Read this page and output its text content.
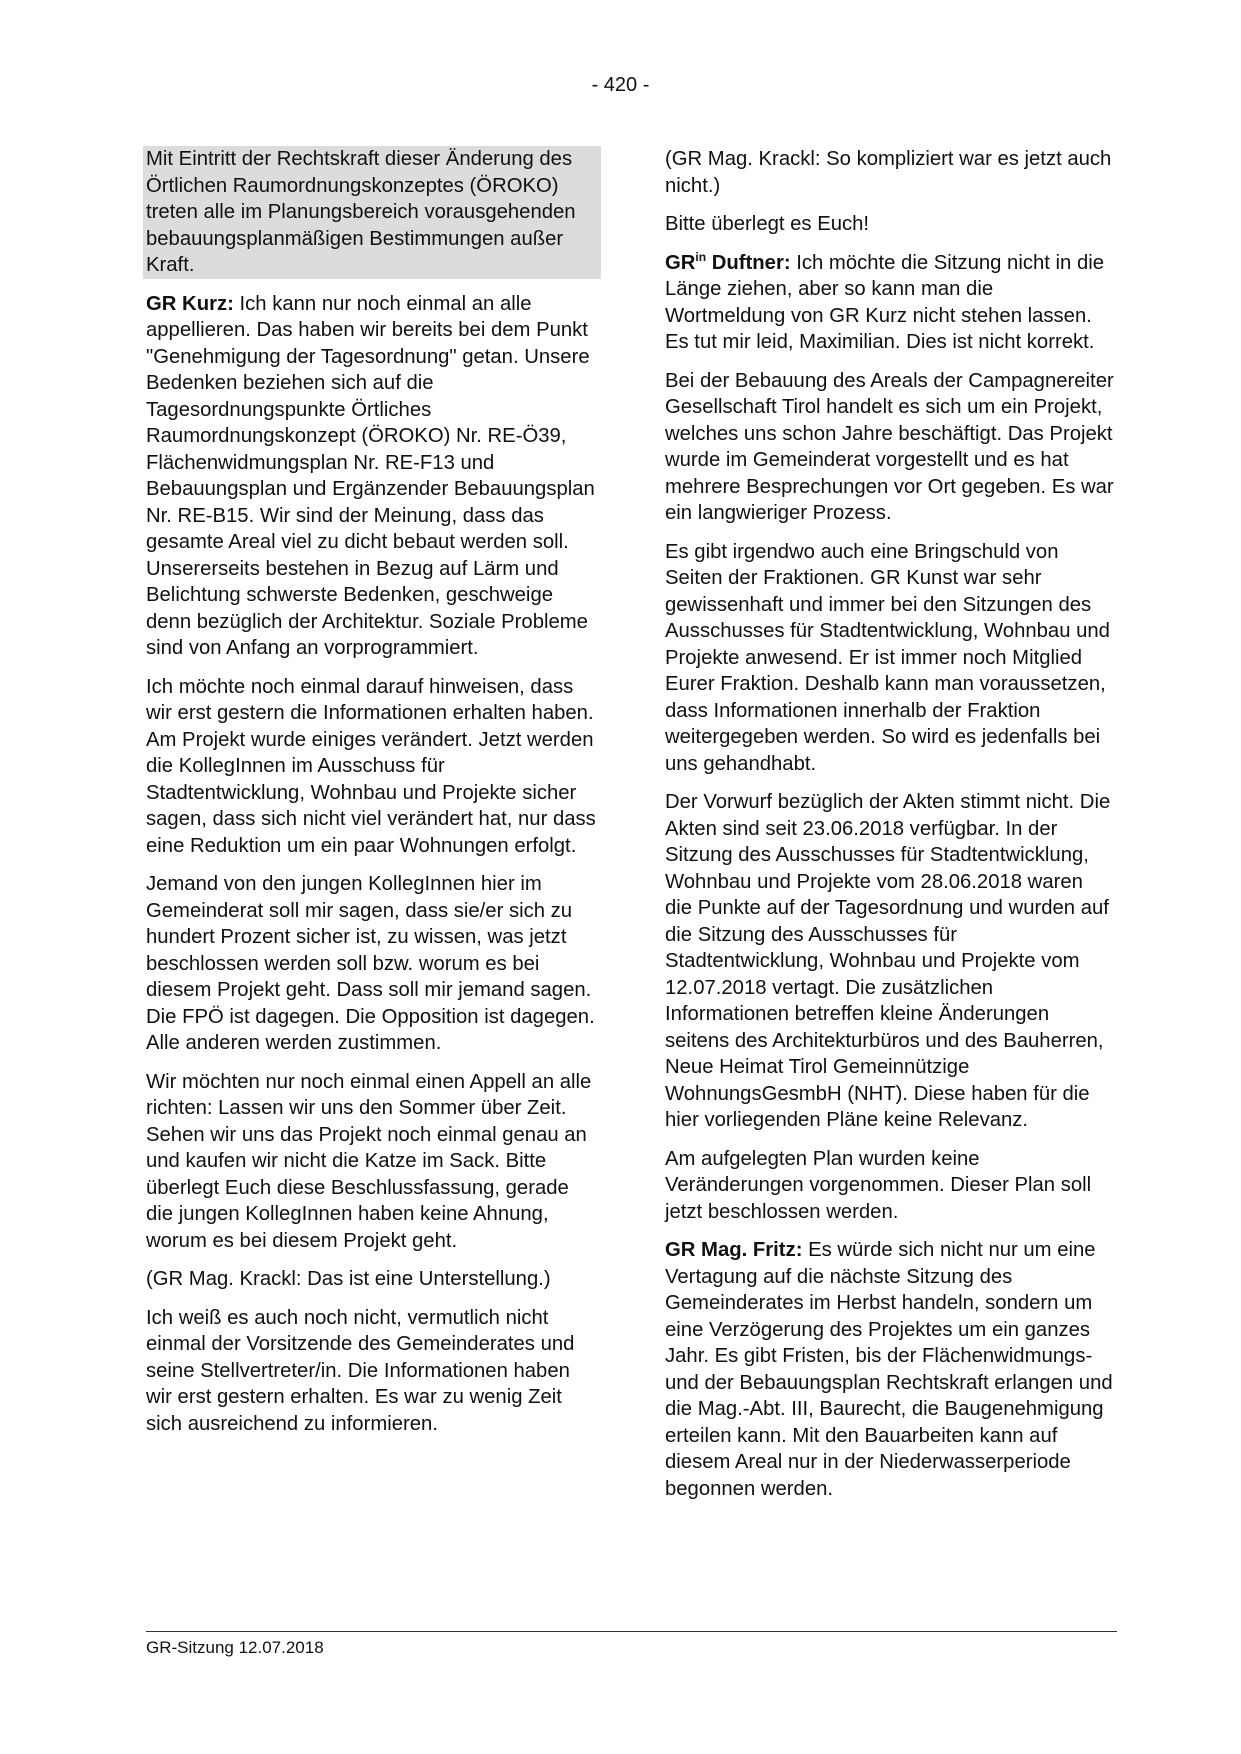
- 420 -

Mit Eintritt der Rechtskraft dieser Änderung des Örtlichen Raumordnungskonzeptes (ÖROKO) treten alle im Planungsbereich vorausgehenden bebauungsplanmäßigen Bestimmungen außer Kraft.

GR Kurz: Ich kann nur noch einmal an alle appellieren. Das haben wir bereits bei dem Punkt "Genehmigung der Tagesordnung" getan. Unsere Bedenken beziehen sich auf die Tagesordnungspunkte Örtliches Raumordnungskonzept (ÖROKO) Nr. RE-Ö39, Flächenwidmungsplan Nr. RE-F13 und Bebauungsplan und Ergänzender Bebauungsplan Nr. RE-B15. Wir sind der Meinung, dass das gesamte Areal viel zu dicht bebaut werden soll. Unsererseits bestehen in Bezug auf Lärm und Belichtung schwerste Bedenken, geschweige denn bezüglich der Architektur. Soziale Probleme sind von Anfang an vorprogrammiert.

Ich möchte noch einmal darauf hinweisen, dass wir erst gestern die Informationen erhalten haben. Am Projekt wurde einiges verändert. Jetzt werden die KollegInnen im Ausschuss für Stadtentwicklung, Wohnbau und Projekte sicher sagen, dass sich nicht viel verändert hat, nur dass eine Reduktion um ein paar Wohnungen erfolgt.

Jemand von den jungen KollegInnen hier im Gemeinderat soll mir sagen, dass sie/er sich zu hundert Prozent sicher ist, zu wissen, was jetzt beschlossen werden soll bzw. worum es bei diesem Projekt geht. Dass soll mir jemand sagen. Die FPÖ ist dagegen. Die Opposition ist dagegen. Alle anderen werden zustimmen.

Wir möchten nur noch einmal einen Appell an alle richten: Lassen wir uns den Sommer über Zeit. Sehen wir uns das Projekt noch einmal genau an und kaufen wir nicht die Katze im Sack. Bitte überlegt Euch diese Beschlussfassung, gerade die jungen KollegInnen haben keine Ahnung, worum es bei diesem Projekt geht.

(GR Mag. Krackl: Das ist eine Unterstellung.)

Ich weiß es auch noch nicht, vermutlich nicht einmal der Vorsitzende des Gemeinderates und seine Stellvertreter/in. Die Informationen haben wir erst gestern erhalten. Es war zu wenig Zeit sich ausreichend zu informieren.

(GR Mag. Krackl: So kompliziert war es jetzt auch nicht.)

Bitte überlegt es Euch!

$GR^{in}$ Duftner: Ich möchte die Sitzung nicht in die Länge ziehen, aber so kann man die Wortmeldung von GR Kurz nicht stehen lassen. Es tut mir leid, Maximilian. Dies ist nicht korrekt.

Bei der Bebauung des Areals der Campagnereiter Gesellschaft Tirol handelt es sich um ein Projekt, welches uns schon Jahre beschäftigt. Das Projekt wurde im Gemeinderat vorgestellt und es hat mehrere Besprechungen vor Ort gegeben. Es war ein langwieriger Prozess.

Es gibt irgendwo auch eine Bringschuld von Seiten der Fraktionen. GR Kunst war sehr gewissenhaft und immer bei den Sitzungen des Ausschusses für Stadtentwicklung, Wohnbau und Projekte anwesend. Er ist immer noch Mitglied Eurer Fraktion. Deshalb kann man voraussetzen, dass Informationen innerhalb der Fraktion weitergegeben werden. So wird es jedenfalls bei uns gehandhabt.

Der Vorwurf bezüglich der Akten stimmt nicht. Die Akten sind seit 23.06.2018 verfügbar. In der Sitzung des Ausschusses für Stadtentwicklung, Wohnbau und Projekte vom 28.06.2018 waren die Punkte auf der Tagesordnung und wurden auf die Sitzung des Ausschusses für Stadtentwicklung, Wohnbau und Projekte vom 12.07.2018 vertagt. Die zusätzlichen Informationen betreffen kleine Änderungen seitens des Architekturbüros und des Bauherren, Neue Heimat Tirol Gemeinnützige WohnungsGesmbH (NHT). Diese haben für die hier vorliegenden Pläne keine Relevanz.

Am aufgelegten Plan wurden keine Veränderungen vorgenommen. Dieser Plan soll jetzt beschlossen werden.

GR Mag. Fritz: Es würde sich nicht nur um eine Vertagung auf die nächste Sitzung des Gemeinderates im Herbst handeln, sondern um eine Verzögerung des Projektes um ein ganzes Jahr. Es gibt Fristen, bis der Flächenwidmungs- und der Bebauungsplan Rechtskraft erlangen und die Mag.-Abt. III, Baurecht, die Baugenehmigung erteilen kann. Mit den Bauarbeiten kann auf diesem Areal nur in der Niederwasserperiode begonnen werden.

GR-Sitzung 12.07.2018
